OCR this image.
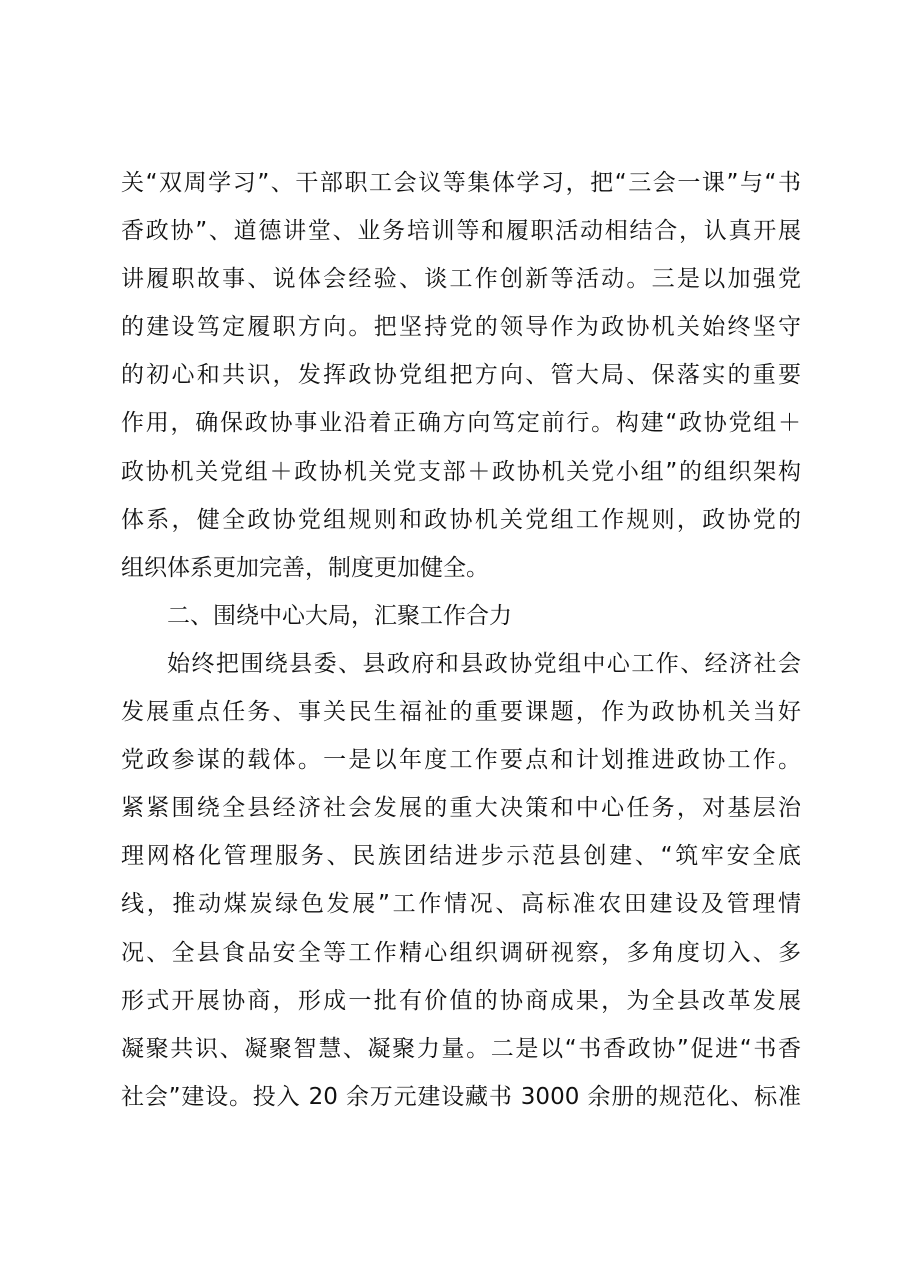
关“双周学习”、干部职工会议等集体学习，把“三会一课”与“书
香政协”、道德讲堂、业务培训等和履职活动相结合，认真开展
讲履职故事、说体会经验、谈工作创新等活动。三是以加强党
的建设笃定履职方向。把坚持党的领导作为政协机关始终坚守
的初心和共识，发挥政协党组把方向、管大局、保落实的重要
作用，确保政协事业沿着正确方向笃定前行。构建“政协党组＋
政协机关党组＋政协机关党支部＋政协机关党小组”的组织架构
体系，健全政协党组规则和政协机关党组工作规则，政协党的
组织体系更加完善，制度更加健全。
二、围绕中心大局，汇聚工作合力
始终把围绕县委、县政府和县政协党组中心工作、经济社会
发展重点任务、事关民生福祉的重要课题，作为政协机关当好
党政参谋的载体。一是以年度工作要点和计划推进政协工作。
紧紧围绕全县经济社会发展的重大决策和中心任务，对基层治
理网格化管理服务、民族团结进步示范县创建、“筑牢安全底
线，推动煤炭绿色发展”工作情况、高标准农田建设及管理情
况、全县食品安全等工作精心组织调研视察，多角度切入、多
形式开展协商，形成一批有价值的协商成果，为全县改革发展
凝聚共识、凝聚智慧、凝聚力量。二是以“书香政协”促进“书香
社会”建设。投入 20 余万元建设藏书 3000 余册的规范化、标准
